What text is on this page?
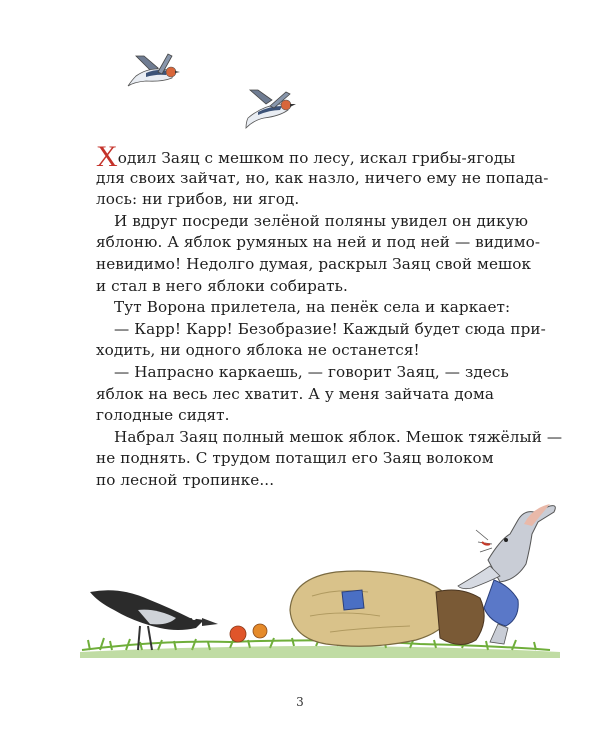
Ходил Заяц с мешком по лесу, искал грибы-ягоды
для своих зайчат, но, как назло, ничего ему не попада-
лось: ни грибов, ни ягод.
И вдруг посреди зелёной поляны увидел он дикую
яблоню. А яблок румяных на ней и под ней — видимо-
невидимо! Недолго думая, раскрыл Заяц свой мешок
и стал в него яблоки собирать.
Тут Ворона прилетела, на пенёк села и каркает:
— Карр! Карр! Безобразие! Каждый будет сюда при-
ходить, ни одного яблока не останется!
— Напрасно каркаешь, — говорит Заяц, — здесь
яблок на весь лес хватит. А у меня зайчата дома
голодные сидят.
Набрал Заяц полный мешок яблок. Мешок тяжёлый —
не поднять. С трудом потащил его Заяц волоком
по лесной тропинке...
3
